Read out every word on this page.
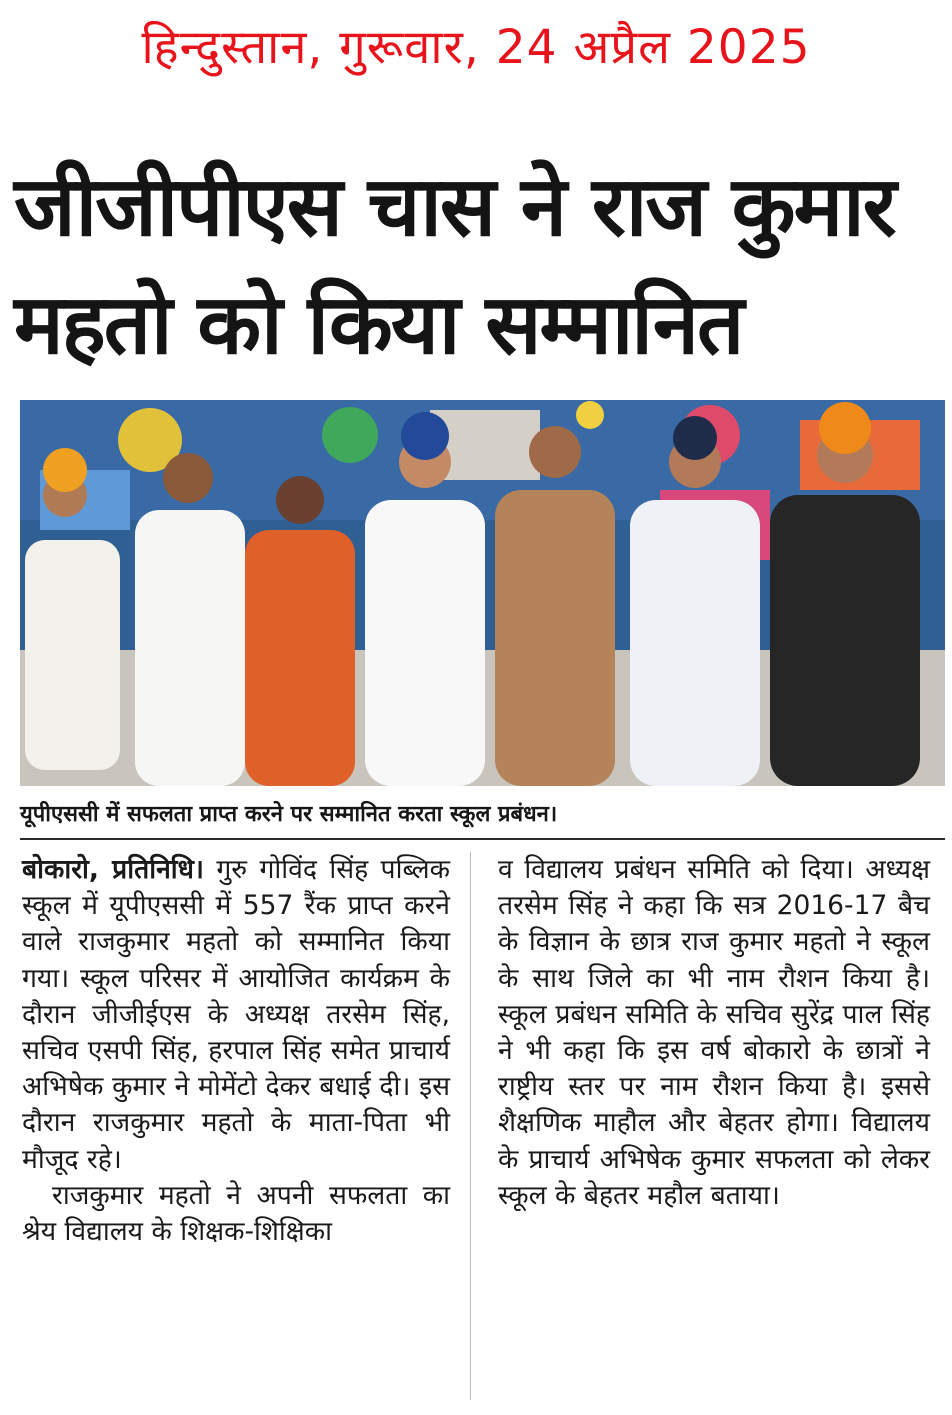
हिन्दुस्तान, गुरूवार, 24 अप्रैल 2025
जीजीपीएस चास ने राज कुमार महतो को किया सम्मानित
यूपीएससी में सफलता प्राप्त करने पर सम्मानित करता स्कूल प्रबंधन।

बोकारो, प्रतिनिधि। गुरु गोविंद सिंह पब्लिक स्कूल में यूपीएससी में 557 रैंक प्राप्त करने वाले राजकुमार महतो को सम्मानित किया गया। स्कूल परिसर में आयोजित कार्यक्रम के दौरान जीजीईएस के अध्यक्ष तरसेम सिंह, सचिव एसपी सिंह, हरपाल सिंह समेत प्राचार्य अभिषेक कुमार ने मोमेंटो देकर बधाई दी। इस दौरान राजकुमार महतो के माता-पिता भी मौजूद रहे।

राजकुमार महतो ने अपनी सफलता का श्रेय विद्यालय के शिक्षक-शिक्षिका

व विद्यालय प्रबंधन समिति को दिया। अध्यक्ष तरसेम सिंह ने कहा कि सत्र 2016-17 बैच के विज्ञान के छात्र राज कुमार महतो ने स्कूल के साथ जिले का भी नाम रौशन किया है। स्कूल प्रबंधन समिति के सचिव सुरेंद्र पाल सिंह ने भी कहा कि इस वर्ष बोकारो के छात्रों ने राष्ट्रीय स्तर पर नाम रौशन किया है। इससे शैक्षणिक माहौल और बेहतर होगा। विद्यालय के प्राचार्य अभिषेक कुमार सफलता को लेकर स्कूल के बेहतर महौल बताया।
